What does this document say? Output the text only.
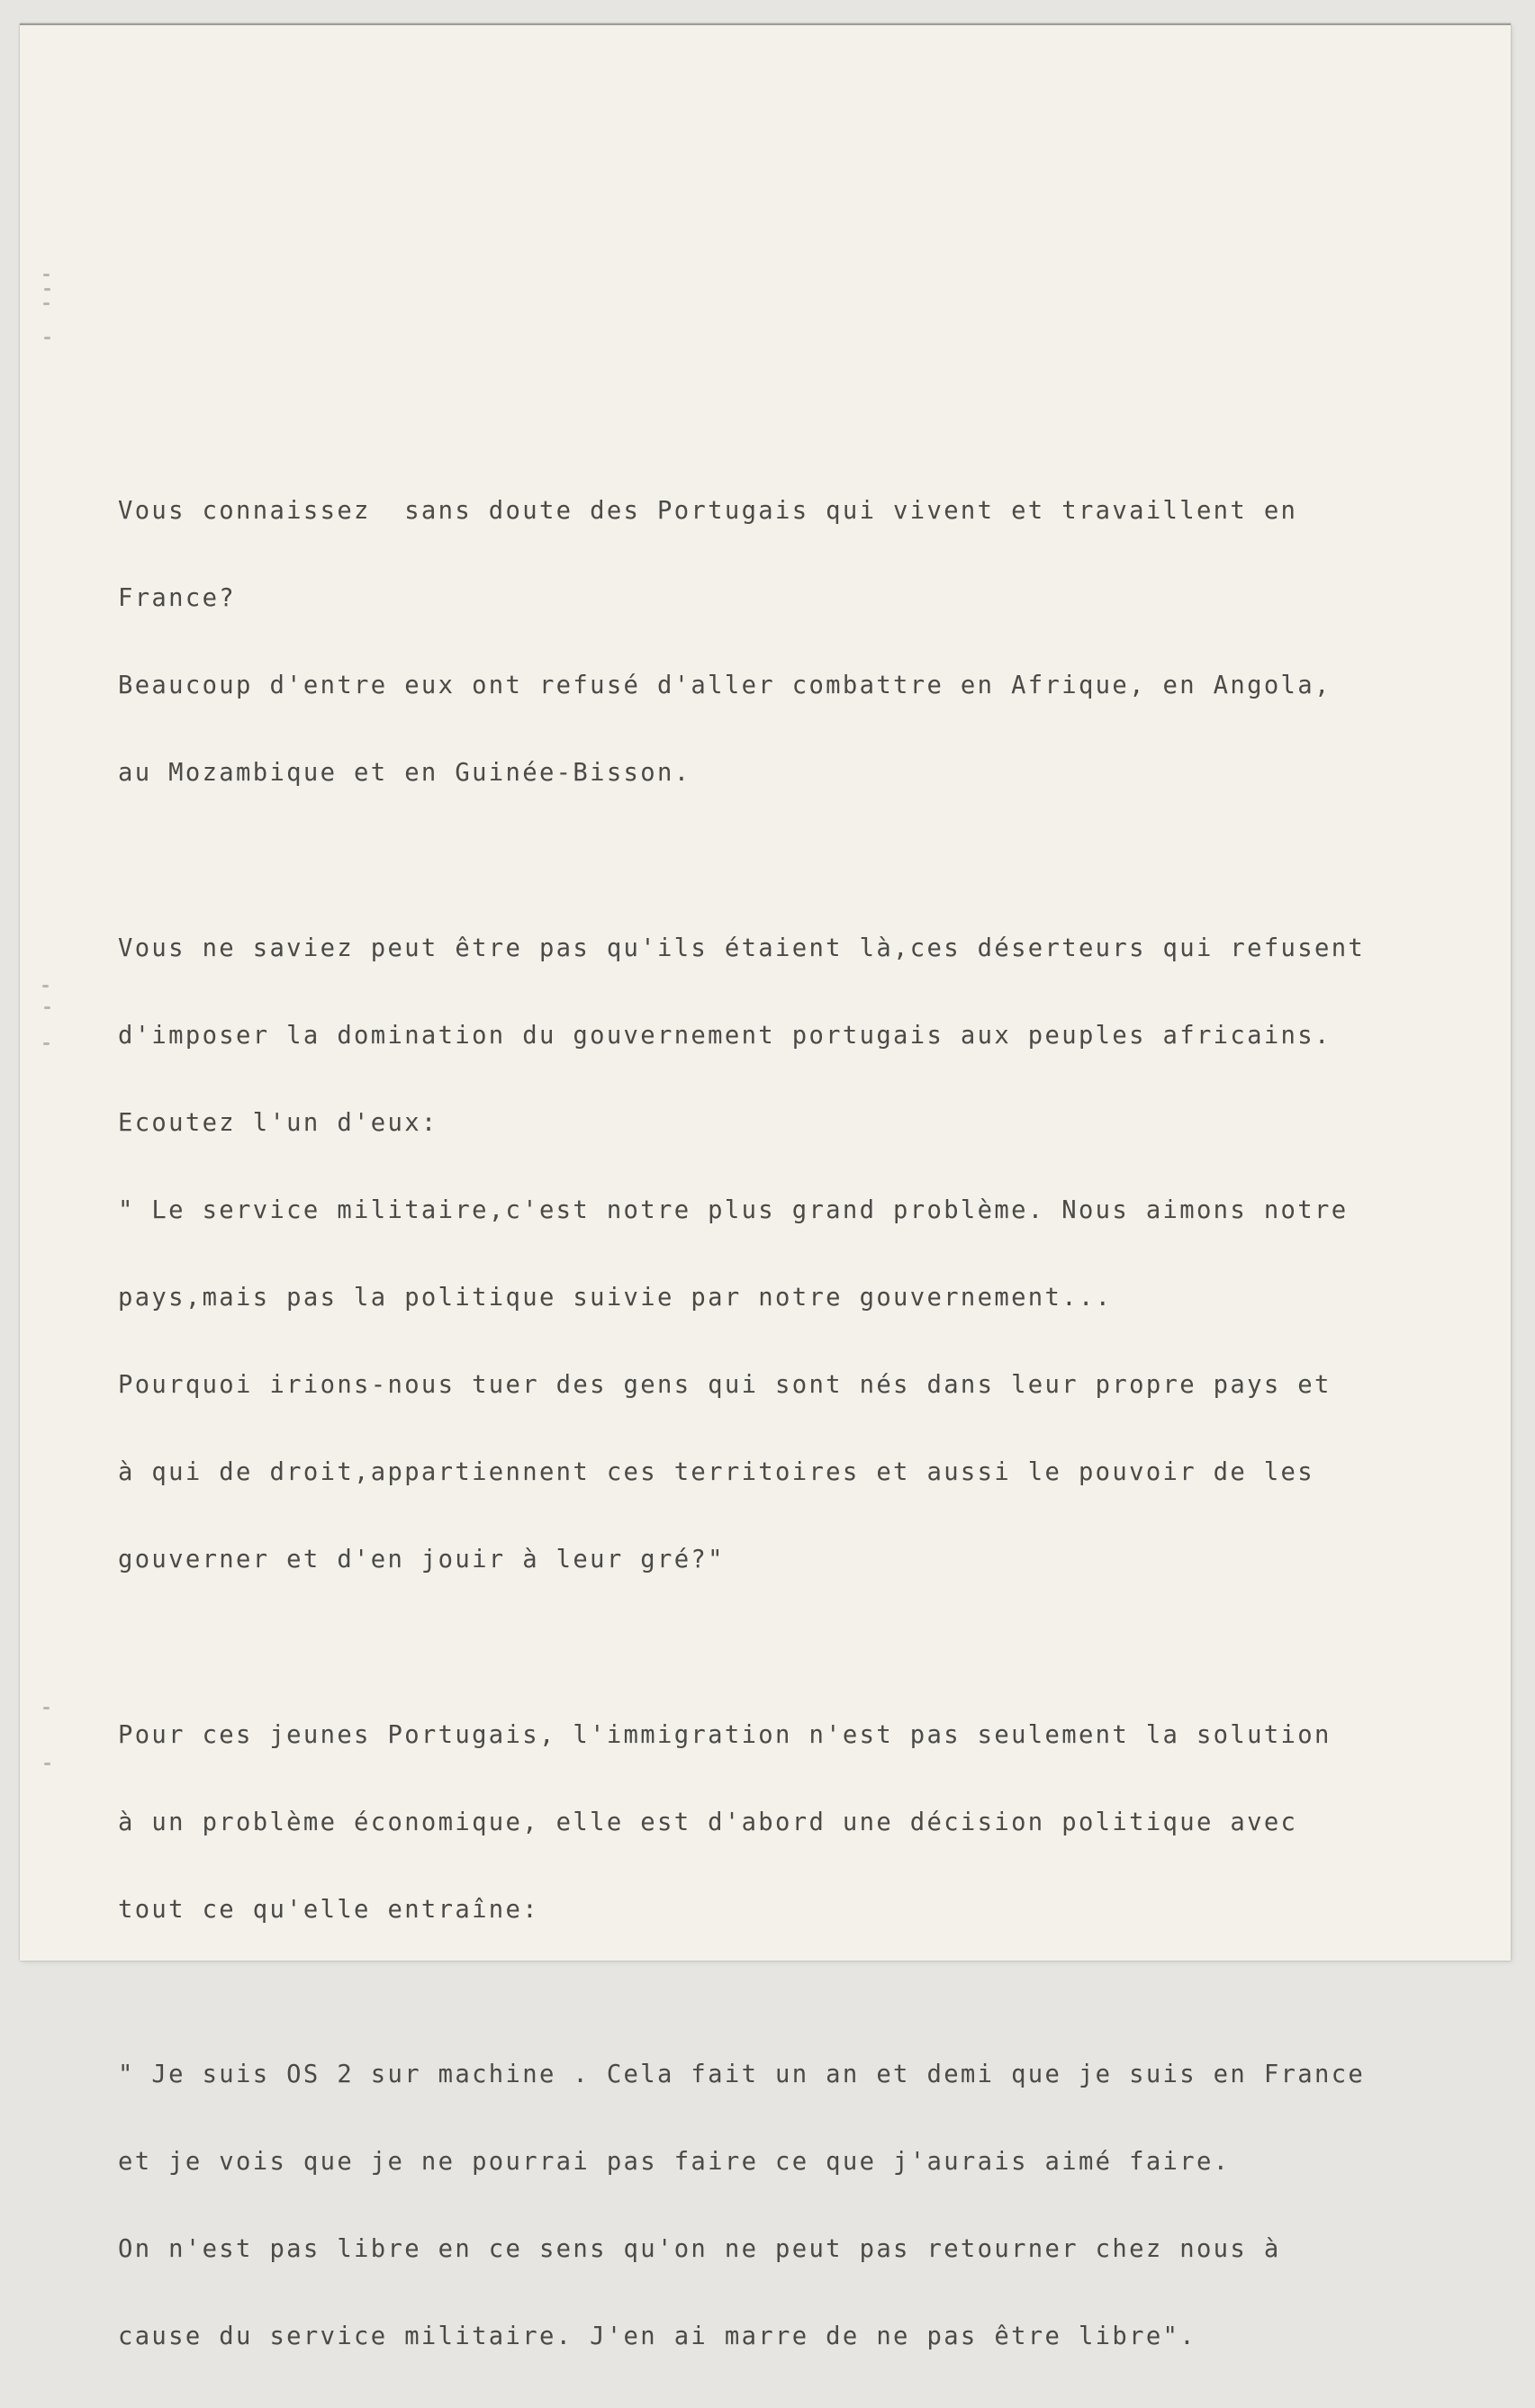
Vous connaissez  sans doute des Portugais qui vivent et travaillent en

France?

Beaucoup d'entre eux ont refusé d'aller combattre en Afrique, en Angola,

au Mozambique et en Guinée-Bisson.

Vous ne saviez peut être pas qu'ils étaient là,ces déserteurs qui refusent

d'imposer la domination du gouvernement portugais aux peuples africains.

Ecoutez l'un d'eux:

" Le service militaire,c'est notre plus grand problème. Nous aimons notre

pays,mais pas la politique suivie par notre gouvernement...

Pourquoi irions-nous tuer des gens qui sont nés dans leur propre pays et

à qui de droit,appartiennent ces territoires et aussi le pouvoir de les

gouverner et d'en jouir à leur gré?"

Pour ces jeunes Portugais, l'immigration n'est pas seulement la solution

à un problème économique, elle est d'abord une décision politique avec

tout ce qu'elle entraîne:

" Je suis OS 2 sur machine . Cela fait un an et demi que je suis en France

et je vois que je ne pourrai pas faire ce que j'aurais aimé faire.

On n'est pas libre en ce sens qu'on ne peut pas retourner chez nous à

cause du service militaire. J'en ai marre de ne pas être libre".
